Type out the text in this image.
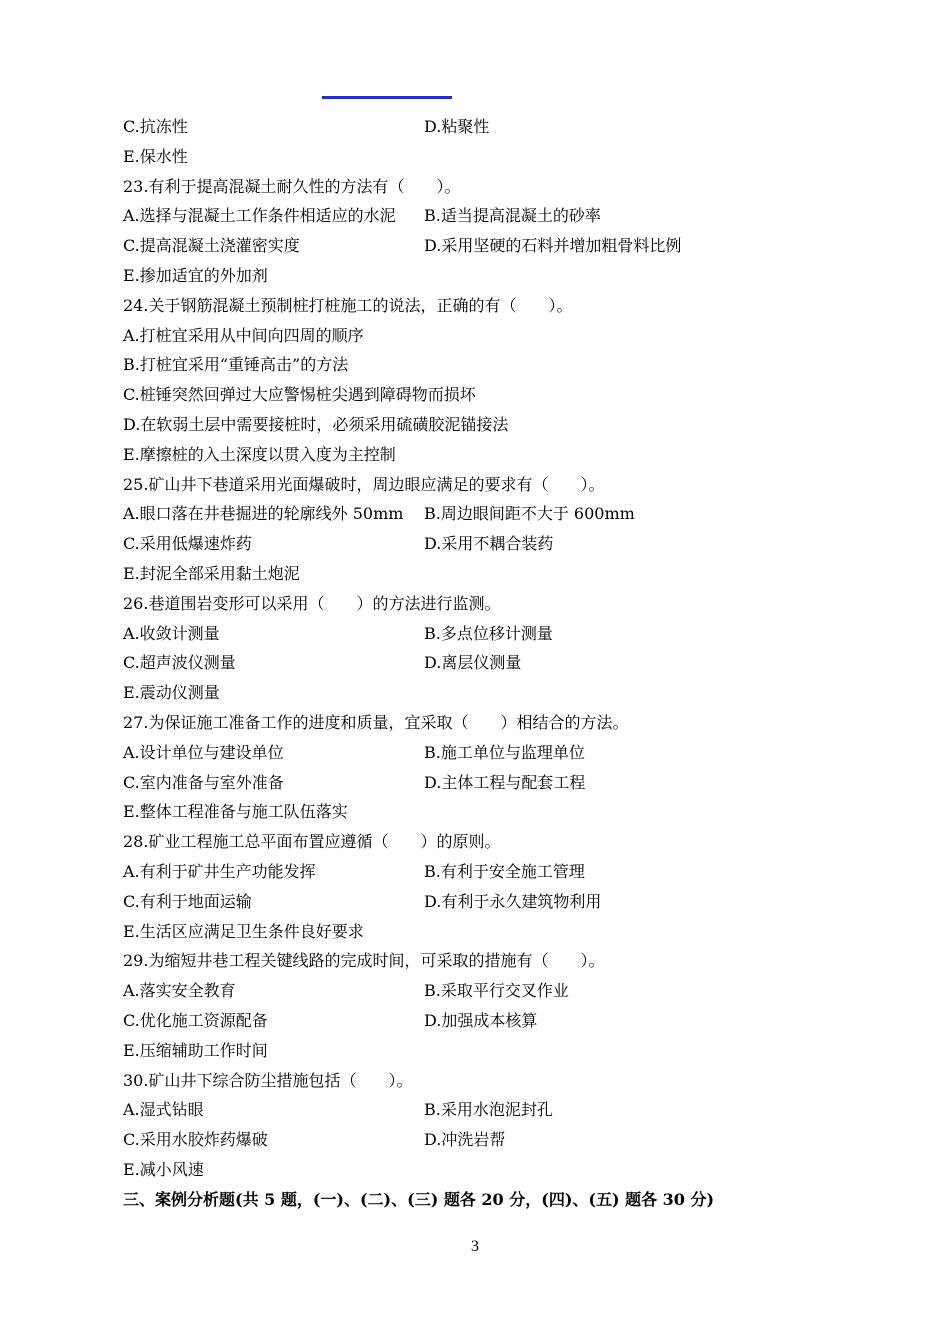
C.抗冻性	D.粘聚性
E.保水性
23.有利于提高混凝土耐久性的方法有（　　）。
A.选择与混凝土工作条件相适应的水泥 B.适当提高混凝土的砂率
C.提高混凝土浇灌密实度	D.采用坚硬的石料并增加粗骨料比例
E.掺加适宜的外加剂
24.关于钢筋混凝土预制桩打桩施工的说法，正确的有（　　）。
A.打桩宜采用从中间向四周的顺序
B.打桩宜采用“重锤高击”的方法
C.桩锤突然回弹过大应警惕桩尖遇到障碍物而损坏
D.在软弱土层中需要接桩时，必须采用硫磺胶泥锚接法
E.摩擦桩的入土深度以贯入度为主控制
25.矿山井下巷道采用光面爆破时，周边眼应满足的要求有（　　）。
A.眼口落在井巷掘进的轮廓线外 50mm B.周边眼间距不大于 600mm
C.采用低爆速炸药	D.采用不耦合装药
E.封泥全部采用黏土炮泥
26.巷道围岩变形可以采用（　　）的方法进行监测。
A.收敛计测量	B.多点位移计测量
C.超声波仪测量	D.离层仪测量
E.震动仪测量
27.为保证施工准备工作的进度和质量，宜采取（　　）相结合的方法。
A.设计单位与建设单位	B.施工单位与监理单位
C.室内准备与室外准备	D.主体工程与配套工程
E.整体工程准备与施工队伍落实
28.矿业工程施工总平面布置应遵循（　　）的原则。
A.有利于矿井生产功能发挥	B.有利于安全施工管理
C.有利于地面运输	D.有利于永久建筑物利用
E.生活区应满足卫生条件良好要求
29.为缩短井巷工程关键线路的完成时间，可采取的措施有（　　）。
A.落实安全教育	B.采取平行交叉作业
C.优化施工资源配备	D.加强成本核算
E.压缩辅助工作时间
30.矿山井下综合防尘措施包括（　　）。
A.湿式钻眼	B.采用水泡泥封孔
C.采用水胶炸药爆破	D.冲洗岩帮
E.减小风速
三、案例分析题(共 5 题，(一)、(二)、(三) 题各 20 分，(四)、(五) 题各 30 分)
3
